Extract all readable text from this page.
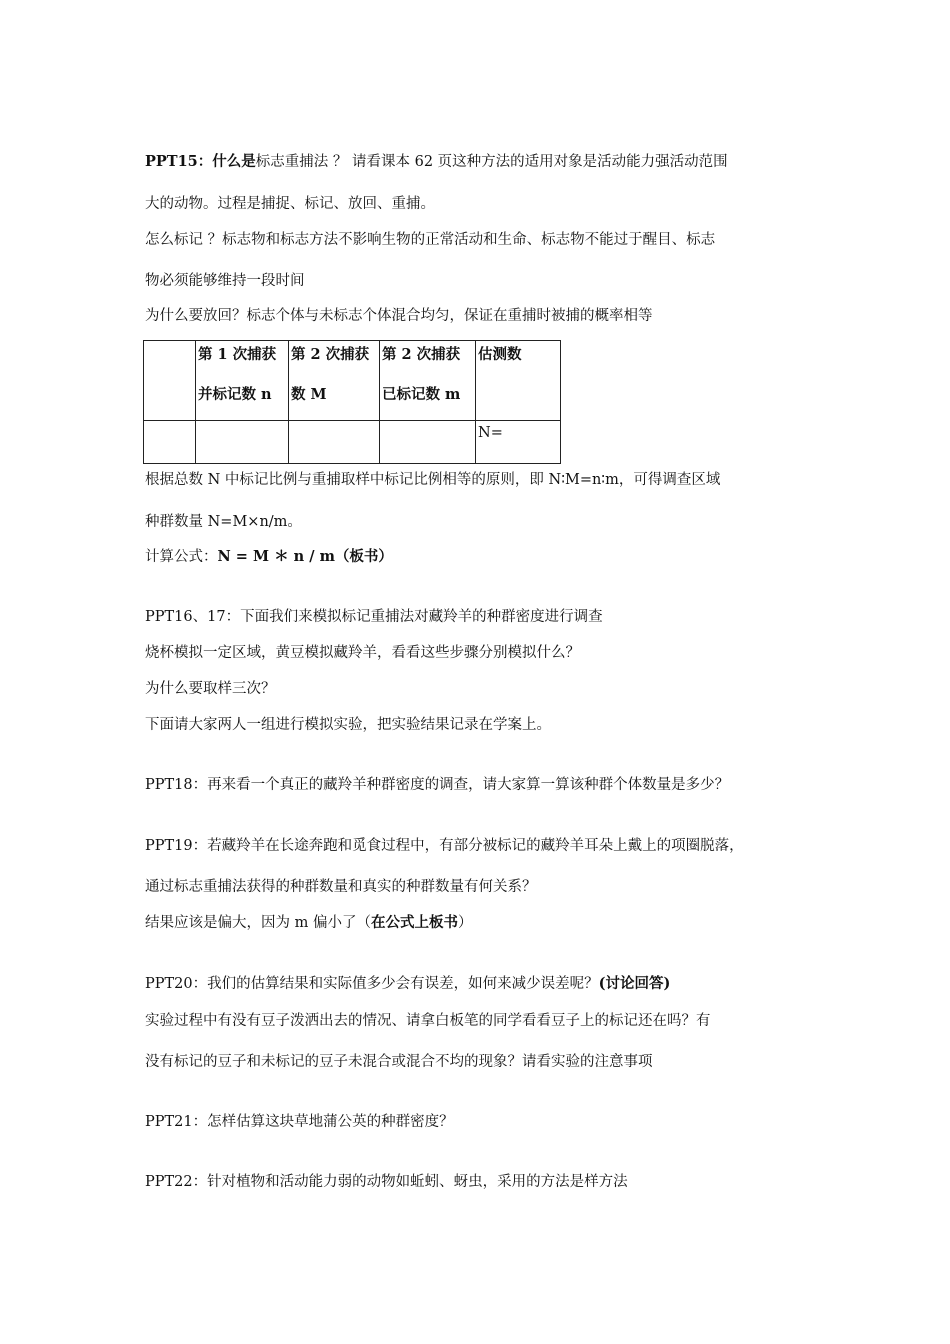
PPT15：什么是标志重捕法 ？ 请看课本 62 页这种方法的适用对象是活动能力强活动范围
大的动物。过程是捕捉、标记、放回、重捕。
怎么标记 ？标志物和标志方法不影响生物的正常活动和生命、标志物不能过于醒目、标志
物必须能够维持一段时间
为什么要放回？标志个体与未标志个体混合均匀，保证在重捕时被捕的概率相等

	第 1 次捕获
并标记数 n	第 2 次捕获
数 M	第 2 次捕获
已标记数 m	估测数

				N=
根据总数 N 中标记比例与重捕取样中标记比例相等的原则，即 N∶M=n∶m，可得调查区域
种群数量 N=M×n/m。
计算公式：N = M ＊ n / m（板书）
PPT16、17：下面我们来模拟标记重捕法对藏羚羊的种群密度进行调查
烧杯模拟一定区域，黄豆模拟藏羚羊，看看这些步骤分别模拟什么？
为什么要取样三次？
下面请大家两人一组进行模拟实验，把实验结果记录在学案上。
PPT18：再来看一个真正的藏羚羊种群密度的调查，请大家算一算该种群个体数量是多少？
PPT19：若藏羚羊在长途奔跑和觅食过程中，有部分被标记的藏羚羊耳朵上戴上的项圈脱落，
通过标志重捕法获得的种群数量和真实的种群数量有何关系？
结果应该是偏大，因为 m 偏小了（在公式上板书）
PPT20：我们的估算结果和实际值多少会有误差，如何来减少误差呢？(讨论回答)
实验过程中有没有豆子泼洒出去的情况、请拿白板笔的同学看看豆子上的标记还在吗？有
没有标记的豆子和未标记的豆子未混合或混合不均的现象？请看实验的注意事项
PPT21：怎样估算这块草地蒲公英的种群密度？
PPT22：针对植物和活动能力弱的动物如蚯蚓、蚜虫，采用的方法是样方法
